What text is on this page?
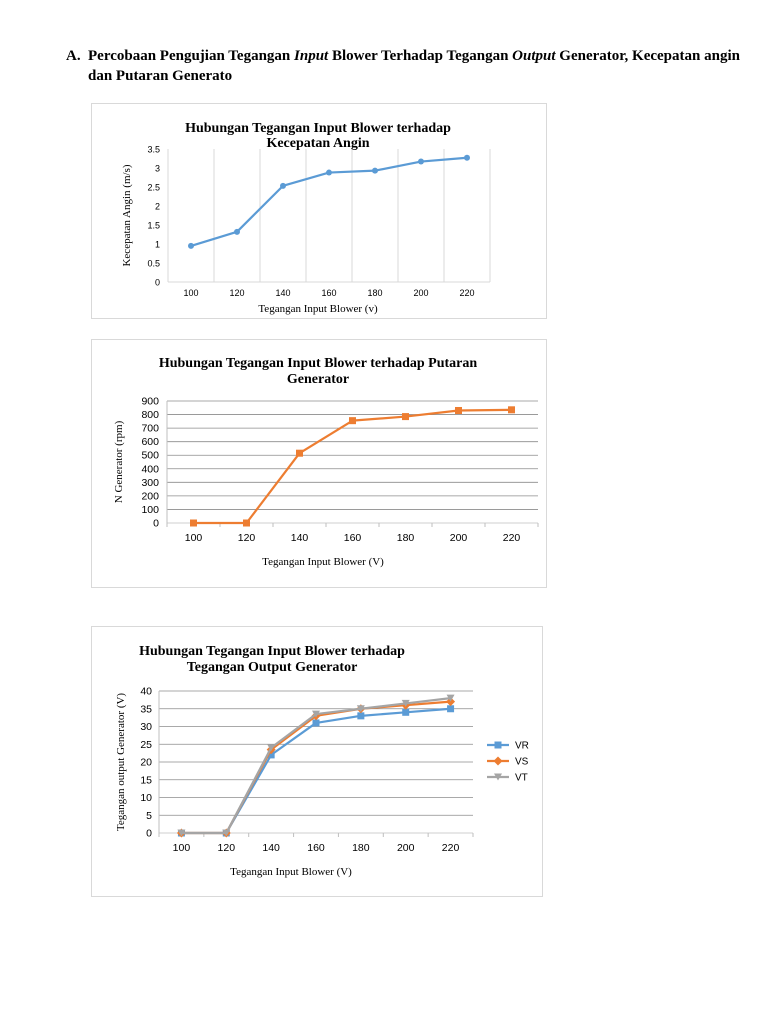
A. Percobaan Pengujian Tegangan Input Blower Terhadap Tegangan Output Generator, Kecepatan angin dan Putaran Generato
Hubungan Tegangan Input Blower terhadap
Kecepatan Angin
0
0.5
1
1.5
2
2.5
3
3.5
100	120	140	160	180	200	220
Tegangan Input Blower (v)
Kecepatan Angin (m/s)
Hubungan Tegangan Input Blower terhadap Putaran
Generator
0
100
200
300
400
500
600
700
800
900
100	120	140	160	180	200	220
Tegangan Input Blower (V)
N Generator (rpm)
Hubungan Tegangan Input Blower terhadap
Tegangan Output Generator
0
5
10
15
20
25
30
35
40
100	120	140	160	180	200	220
Tegangan Input Blower (V)
Tegangan output Generator (V)	VR
VS
VT
